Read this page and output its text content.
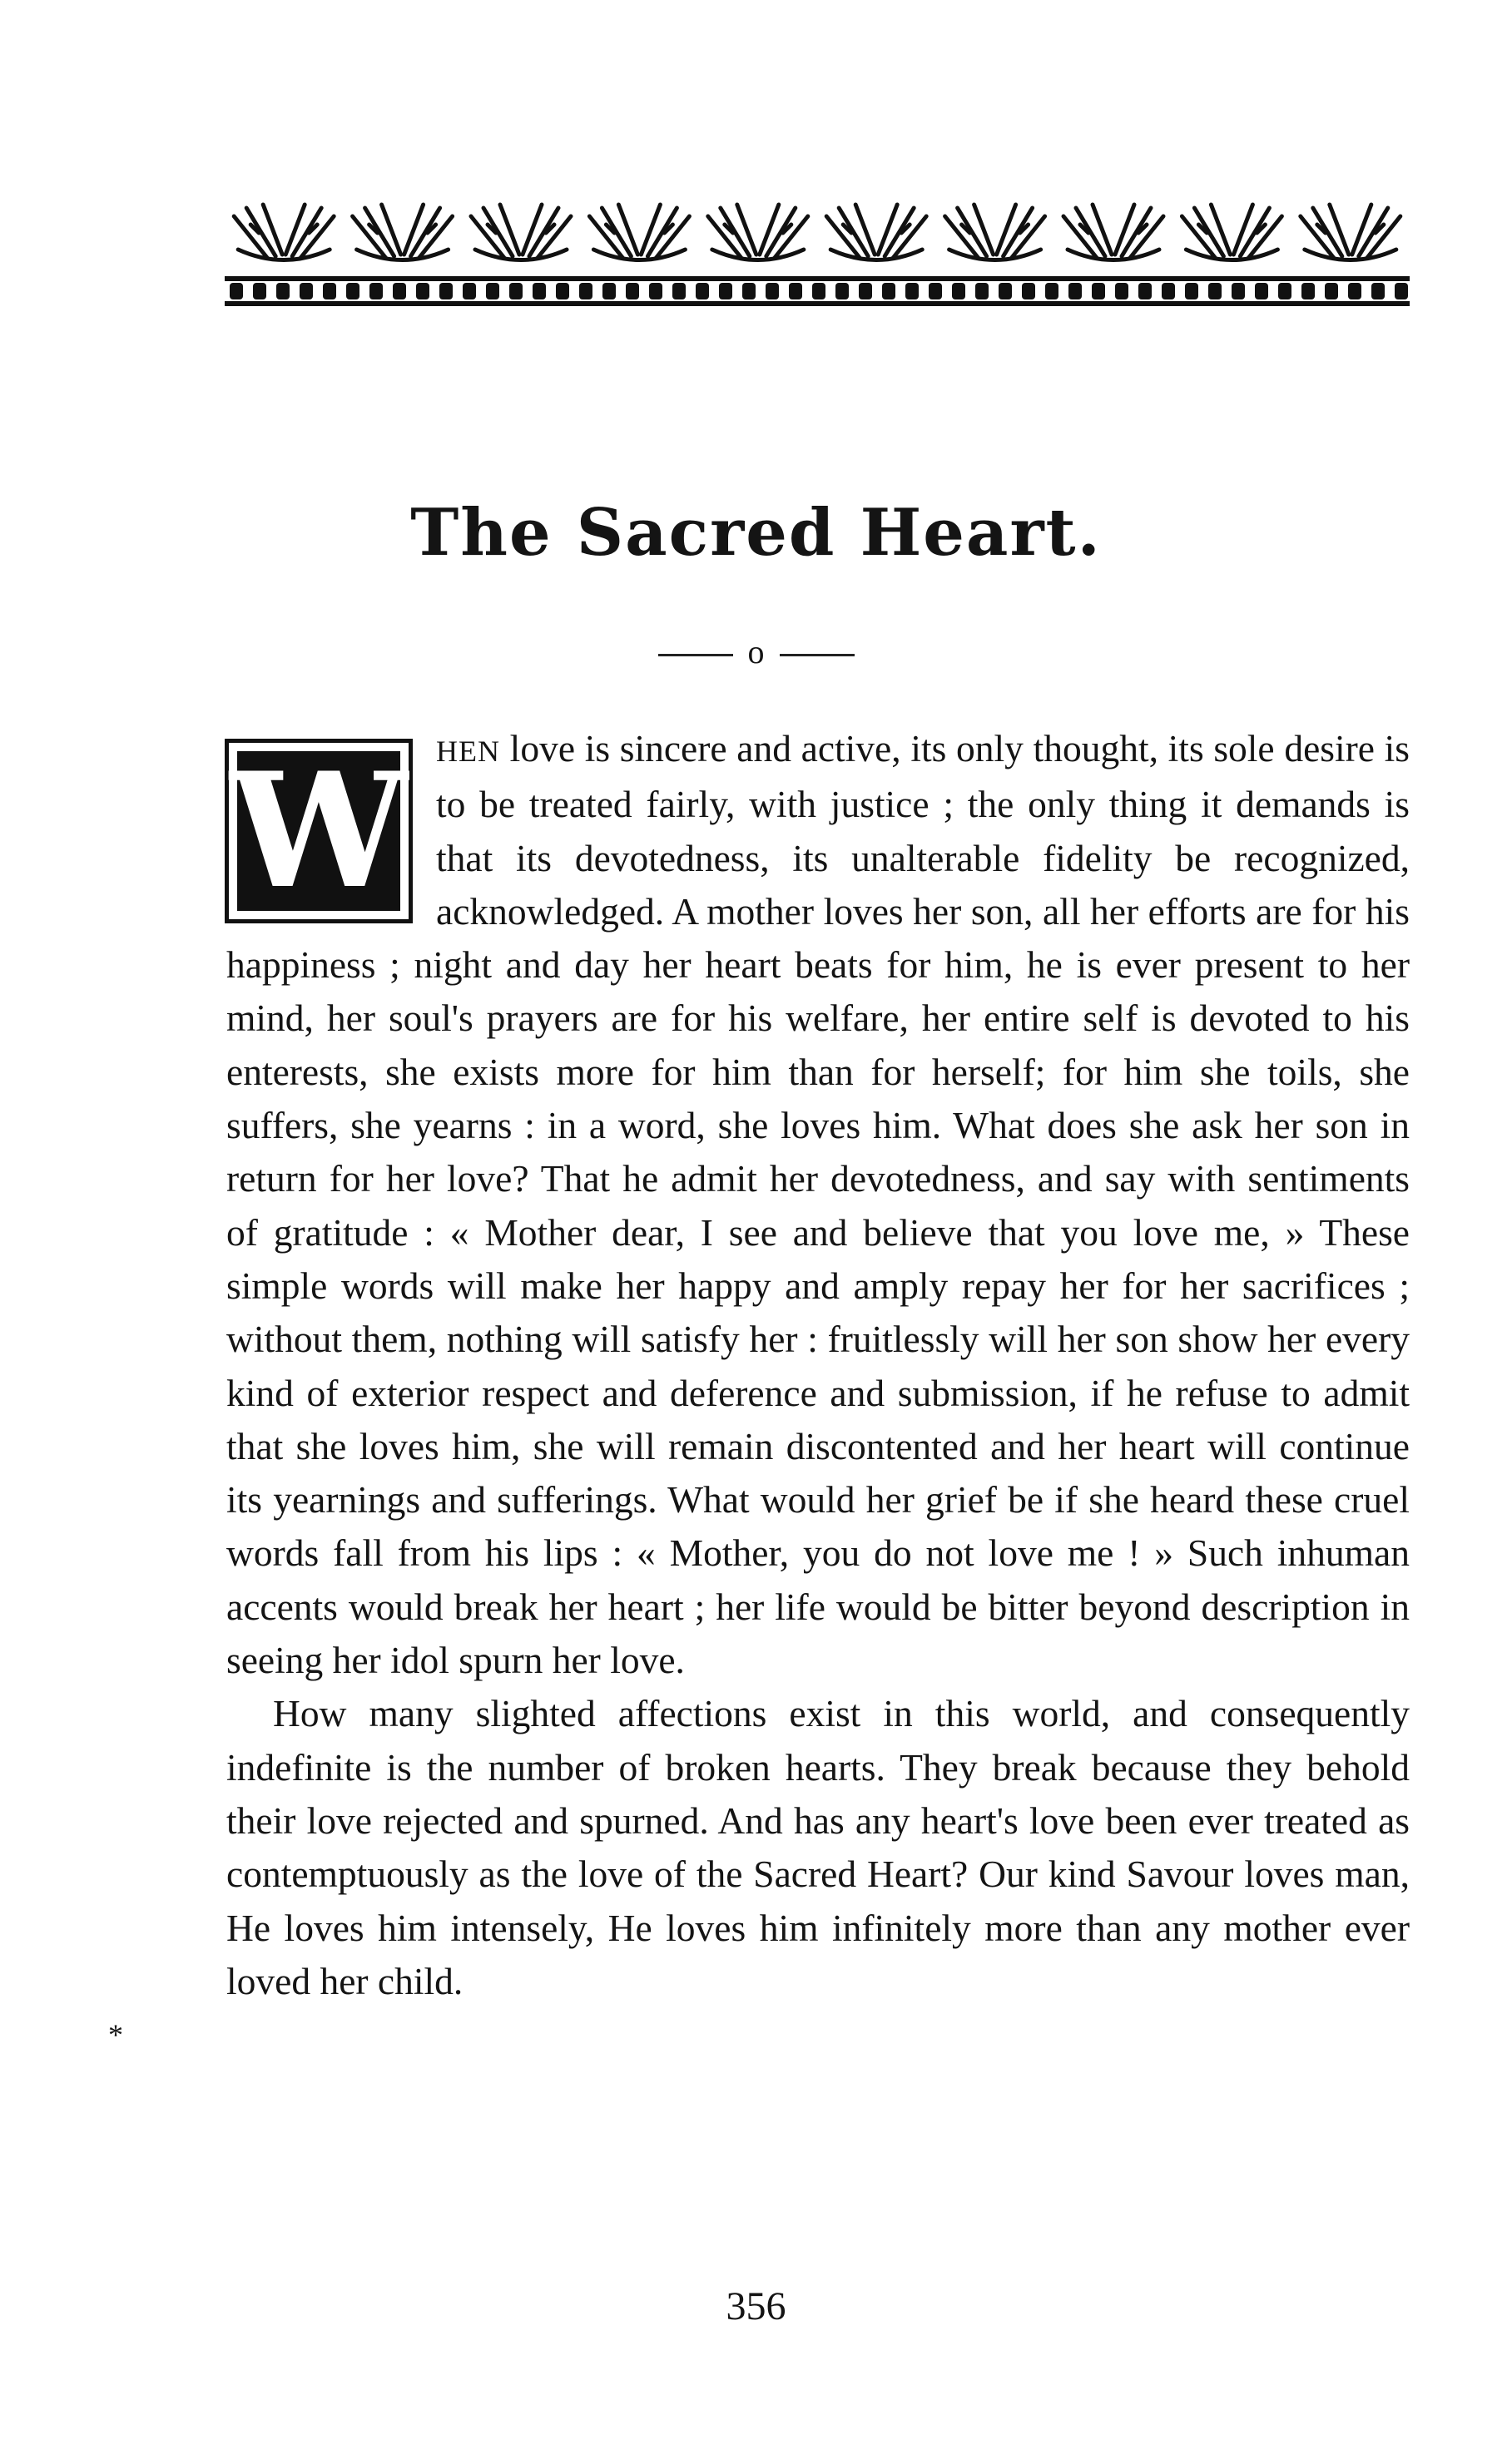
The Sacred Heart.
o
W HEN love is sincere and active, its only thought, its sole desire is to be treated fairly, with justice ; the only thing it demands is that its devotedness, its unalterable fidelity be recognized, acknowledged. A mother loves her son, all her efforts are for his happiness ; night and day her heart beats for him, he is ever present to her mind, her soul's prayers are for his welfare, her entire self is devoted to his enterests, she exists more for him than for herself; for him she toils, she suffers, she yearns : in a word, she loves him. What does she ask her son in return for her love? That he admit her devotedness, and say with sentiments of gratitude : « Mother dear, I see and believe that you love me, » These simple words will make her happy and amply repay her for her sacrifices ; without them, nothing will satisfy her : fruitlessly will her son show her every kind of exterior respect and deference and submission, if he refuse to admit that she loves him, she will remain discontented and her heart will continue its yearnings and sufferings. What would her grief be if she heard these cruel words fall from his lips : « Mother, you do not love me ! » Such inhuman accents would break her heart ; her life would be bitter beyond description in seeing her idol spurn her love.

How many slighted affections exist in this world, and consequently indefinite is the number of broken hearts. They break because they behold their love rejected and spurned. And has any heart's love been ever treated as contemptuously as the love of the Sacred Heart? Our kind Savour loves man, He loves him intensely, He loves him infinitely more than any mother ever loved her child.

*
356
